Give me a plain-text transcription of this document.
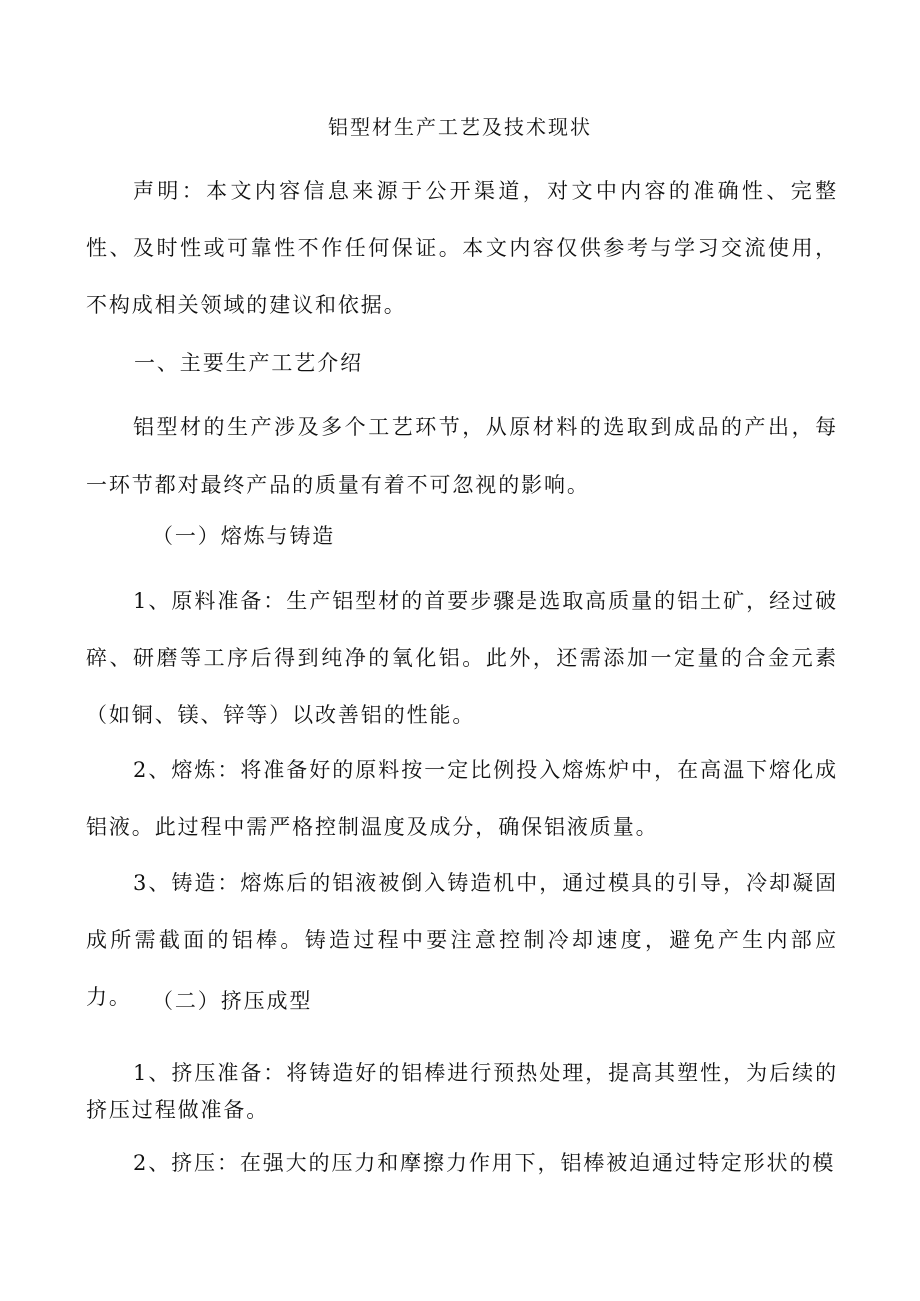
铝型材生产工艺及技术现状

声明：本文内容信息来源于公开渠道，对文中内容的准确性、完整性、及时性或可靠性不作任何保证。本文内容仅供参考与学习交流使用，不构成相关领域的建议和依据。

一、主要生产工艺介绍

铝型材的生产涉及多个工艺环节，从原材料的选取到成品的产出，每一环节都对最终产品的质量有着不可忽视的影响。

（一）熔炼与铸造

1、原料准备：生产铝型材的首要步骤是选取高质量的铝土矿，经过破碎、研磨等工序后得到纯净的氧化铝。此外，还需添加一定量的合金元素（如铜、镁、锌等）以改善铝的性能。

2、熔炼：将准备好的原料按一定比例投入熔炼炉中，在高温下熔化成铝液。此过程中需严格控制温度及成分，确保铝液质量。

3、铸造：熔炼后的铝液被倒入铸造机中，通过模具的引导，冷却凝固成所需截面的铝棒。铸造过程中要注意控制冷却速度，避免产生内部应力。 （二）挤压成型

1、挤压准备：将铸造好的铝棒进行预热处理，提高其塑性，为后续的挤压过程做准备。

2、挤压：在强大的压力和摩擦力作用下，铝棒被迫通过特定形状的模
